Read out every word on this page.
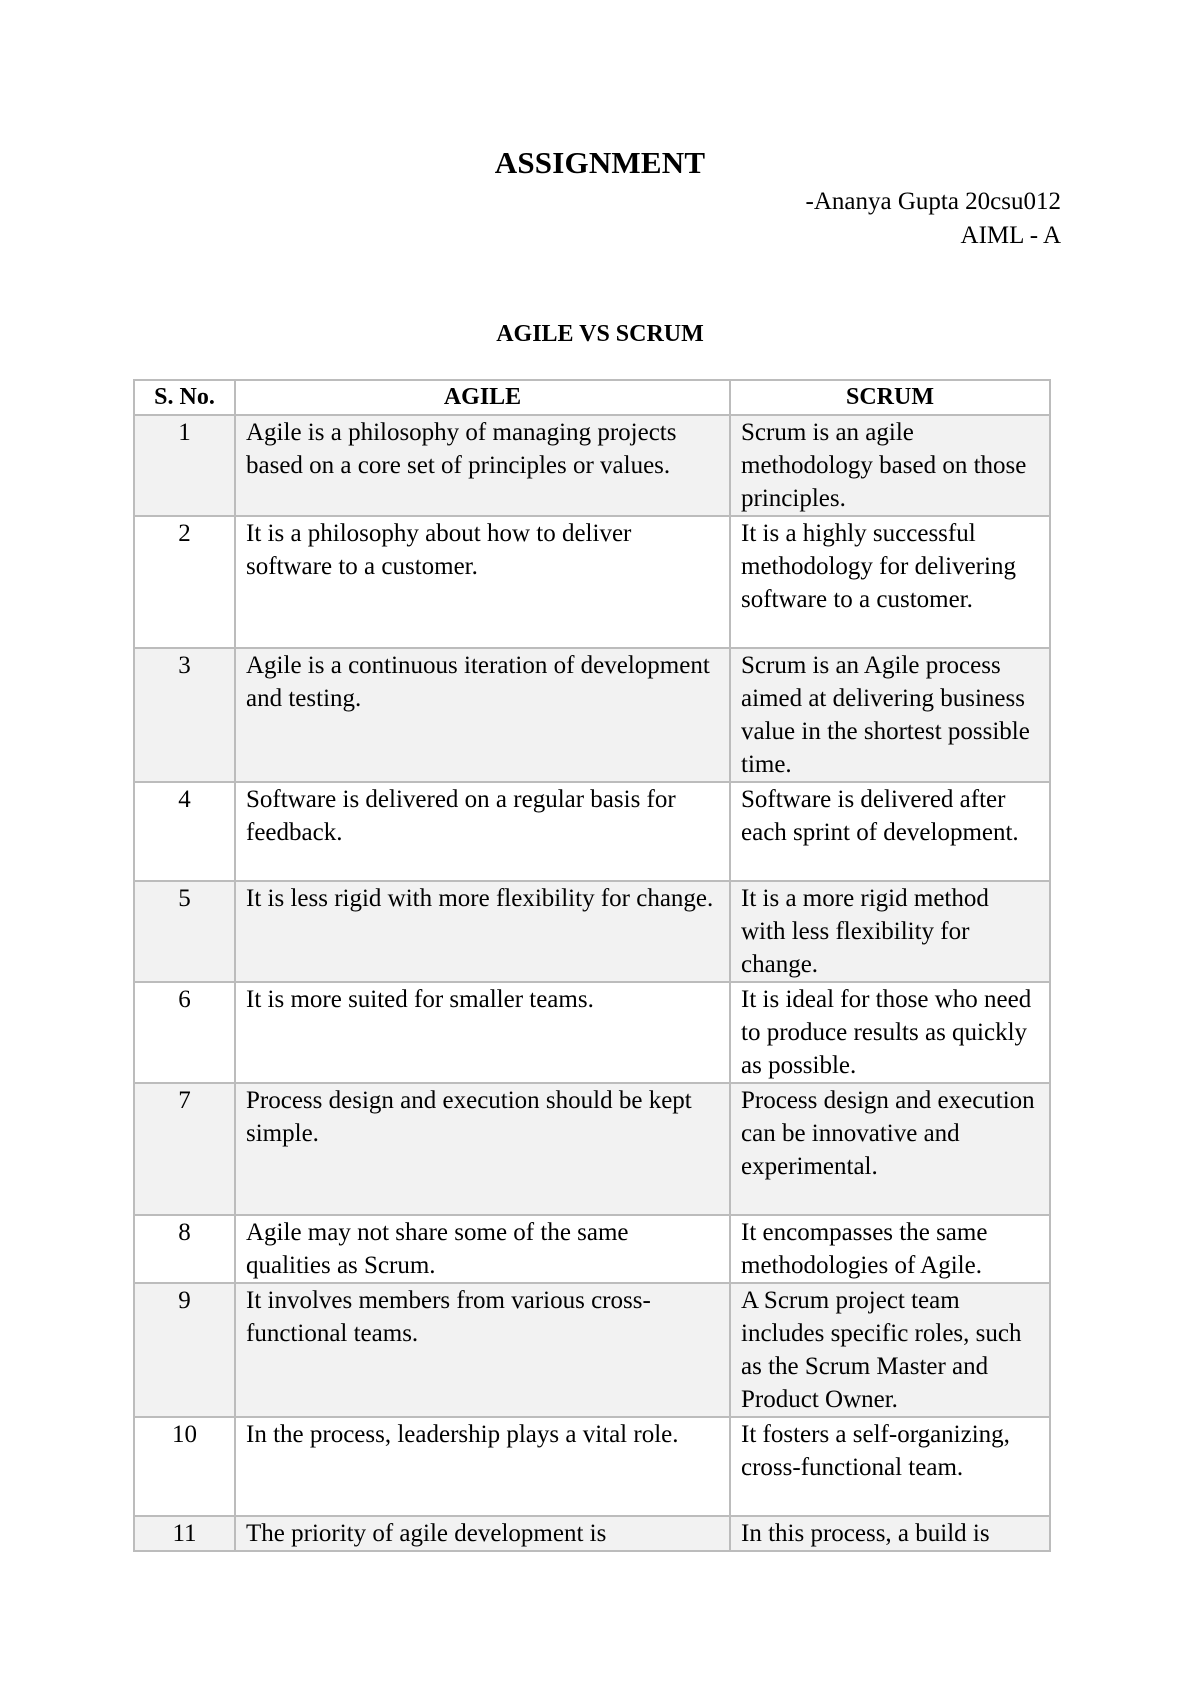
ASSIGNMENT
-Ananya Gupta 20csu012
AIML - A
AGILE VS SCRUM
S. No.	AGILE	SCRUM
1	Agile is a philosophy of managing projects based on a core set of principles or values.	Scrum is an agile methodology based on those principles.
2	It is a philosophy about how to deliver software to a customer.	It is a highly successful methodology for delivering software to a customer.
3	Agile is a continuous iteration of development and testing.	Scrum is an Agile process aimed at delivering business value in the shortest possible time.
4	Software is delivered on a regular basis for feedback.	Software is delivered after each sprint of development.
5	It is less rigid with more flexibility for change.	It is a more rigid method with less flexibility for change.
6	It is more suited for smaller teams.	It is ideal for those who need to produce results as quickly as possible.
7	Process design and execution should be kept simple.	Process design and execution can be innovative and experimental.
8	Agile may not share some of the same qualities as Scrum.	It encompasses the same methodologies of Agile.
9	It involves members from various cross-functional teams.	A Scrum project team includes specific roles, such as the Scrum Master and Product Owner.
10	In the process, leadership plays a vital role.	It fosters a self-organizing, cross-functional team.
11	The priority of agile development is	In this process, a build is
